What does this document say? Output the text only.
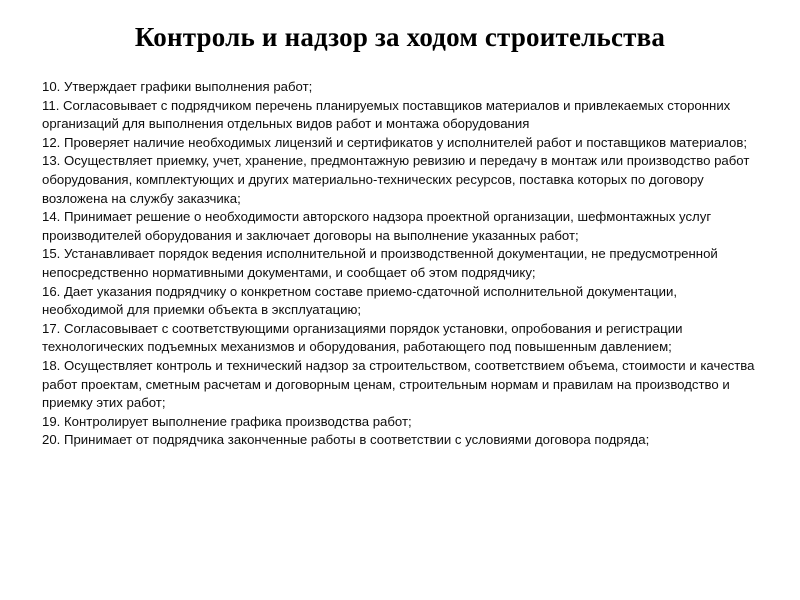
Контроль и надзор за ходом строительства

10. Утверждает графики выполнения работ;

11. Согласовывает с подрядчиком перечень планируемых поставщиков материалов и привлекаемых сторонних организаций для выполнения отдельных видов работ и монтажа оборудования

12. Проверяет наличие необходимых лицензий и сертификатов у исполнителей работ и поставщиков материалов;

13. Осуществляет приемку, учет, хранение, предмонтажную ревизию и передачу в монтаж или производство работ оборудования, комплектующих и других материально-технических ресурсов, поставка которых по договору возложена на службу заказчика;

14. Принимает решение о необходимости авторского надзора проектной организации, шефмонтажных услуг производителей оборудования и заключает договоры на выполнение указанных работ;

15. Устанавливает порядок ведения исполнительной и производственной документации, не предусмотренной непосредственно нормативными документами, и сообщает об этом подрядчику;

16. Дает указания подрядчику о конкретном составе приемо-сдаточной исполнительной документации, необходимой для приемки объекта в эксплуатацию;

17. Согласовывает с соответствующими организациями порядок установки, опробования и регистрации технологических подъемных механизмов и оборудования, работающего под повышенным давлением;

18. Осуществляет контроль и технический надзор за строительством, соответствием объема, стоимости и качества работ проектам, сметным расчетам и договорным ценам, строительным нормам и правилам на производство и приемку этих работ;

19. Контролирует выполнение графика производства работ;

20. Принимает от подрядчика законченные работы в соответствии с условиями договора подряда;
